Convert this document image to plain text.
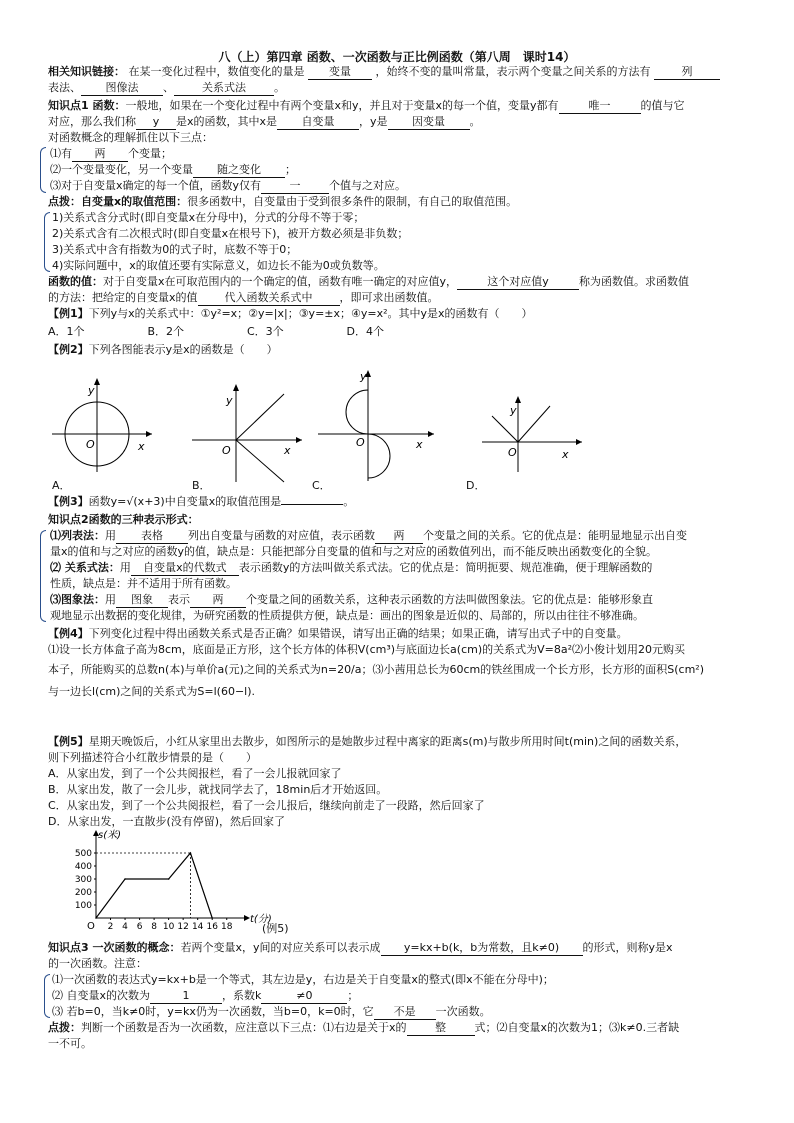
八（上）第四章 函数、一次函数与正比例函数（第八周　课时14）
相关知识链接： 在某一变化过程中，数值变化的量是 变量 ，始终不变的量叫常量，表示两个变量之间关系的方法有	列
表法、 图像法 、	关系式法	。
知识点1 函数：一般地，如果在一个变化过程中有两个变量x和y，并且对于变量x的每一个值，变量y都有	唯一	的值与它
对应，那么我们称 y 是x的函数，其中x是 自变量 ，y是 因变量 。
对函数概念的理解抓住以下三点：
⑴有 两 个变量；
⑵一个变量变化，另一个变量 随之变化 ；
⑶对于自变量x确定的每一个值，函数y仅有	一	个值与之对应。
点拨：自变量x的取值范围：很多函数中，自变量由于受到很多条件的限制，有自己的取值范围。
1)关系式含分式时(即自变量x在分母中)，分式的分母不等于零；
2)关系式含有二次根式时(即自变量x在根号下)，被开方数必须是非负数；
3)关系式中含有指数为0的式子时，底数不等于0；
4)实际问题中，x的取值还要有实际意义，如边长不能为0或负数等。
函数的值：对于自变量x在可取范围内的一个确定的值，函数有唯一确定的对应值y，	这个对应值y	称为函数值。求函数值
的方法：把给定的自变量x的值 代入函数关系式中 ，即可求出函数值。
【例1】下列y与x的关系式中：①y²=x；②y=|x|；③y=±x；④y=x²。其中y是x的函数有（　　）
A．1个	B．2个	C．3个	D．4个
【例2】下列各图能表示y是x的函数是（　　）
y
x
O
A．
y
x
O
B．
y
x
O
C．
y
x
O
D．
【例3】函数y=√(x+3)中自变量x的取值范围是	。
知识点2函数的三种表示形式：
⑴列表法：用 表格 列出自变量与函数的对应值，表示函数 两 个变量之间的关系。它的优点是：能明显地显示出自变
量x的值和与之对应的函数y的值，缺点是：只能把部分自变量的值和与之对应的函数值列出，而不能反映出函数变化的全貌。
⑵ 关系式法：用 自变量x的代数式 表示函数y的方法叫做关系式法。它的优点是：简明扼要、规范准确，便于理解函数的
性质，缺点是：并不适用于所有函数。
⑶图象法：用 图象 表示 两 个变量之间的函数关系，这种表示函数的方法叫做图象法。它的优点是：能够形象直
观地显示出数据的变化规律，为研究函数的性质提供方便，缺点是：画出的图象是近似的、局部的，所以由往往不够准确。
【例4】下列变化过程中得出函数关系式是否正确？如果错误，请写出正确的结果；如果正确，请写出式子中的自变量。
⑴设一长方体盒子高为8cm，底面是正方形，这个长方体的体积V(cm³)与底面边长a(cm)的关系式为V=8a²⑵小俊计划用20元购买
本子，所能购买的总数n(本)与单价a(元)之间的关系式为n=20/a；⑶小茜用总长为60cm的铁丝围成一个长方形，长方形的面积S(cm²)
与一边长l(cm)之间的关系式为S=l(60−l).
【例5】星期天晚饭后，小红从家里出去散步，如图所示的是她散步过程中离家的距离s(m)与散步所用时间t(min)之间的函数关系，
则下列描述符合小红散步情景的是（　　）
A．从家出发，到了一个公共阅报栏，看了一会儿报就回家了
B．从家出发，散了一会儿步，就找同学去了，18min后才开始返回。
C．从家出发，到了一个公共阅报栏，看了一会儿报后，继续向前走了一段路，然后回家了
D．从家出发，一直散步(没有停留)，然后回家了
s(米)
t(分)
O
100
200
300
400
500
2 4 6 8 10 12 14 16 18	(例5)
知识点3 一次函数的概念：若两个变量x，y间的对应关系可以表示成 y=kx+b(k，b为常数，且k≠0) 的形式，则称y是x
的一次函数。注意：
⑴一次函数的表达式y=kx+b是一个等式，其左边是y，右边是关于自变量x的整式(即x不能在分母中)；
⑵ 自变量x的次数为	1	，系数k	≠0	；
⑶ 若b=0，当k≠0时，y=kx仍为一次函数，当b=0，k=0时，它 不是 一次函数。
点拨：判断一个函数是否为一次函数，应注意以下三点：⑴右边是关于x的	整	式；⑵自变量x的次数为1；⑶k≠0.三者缺
一不可。
